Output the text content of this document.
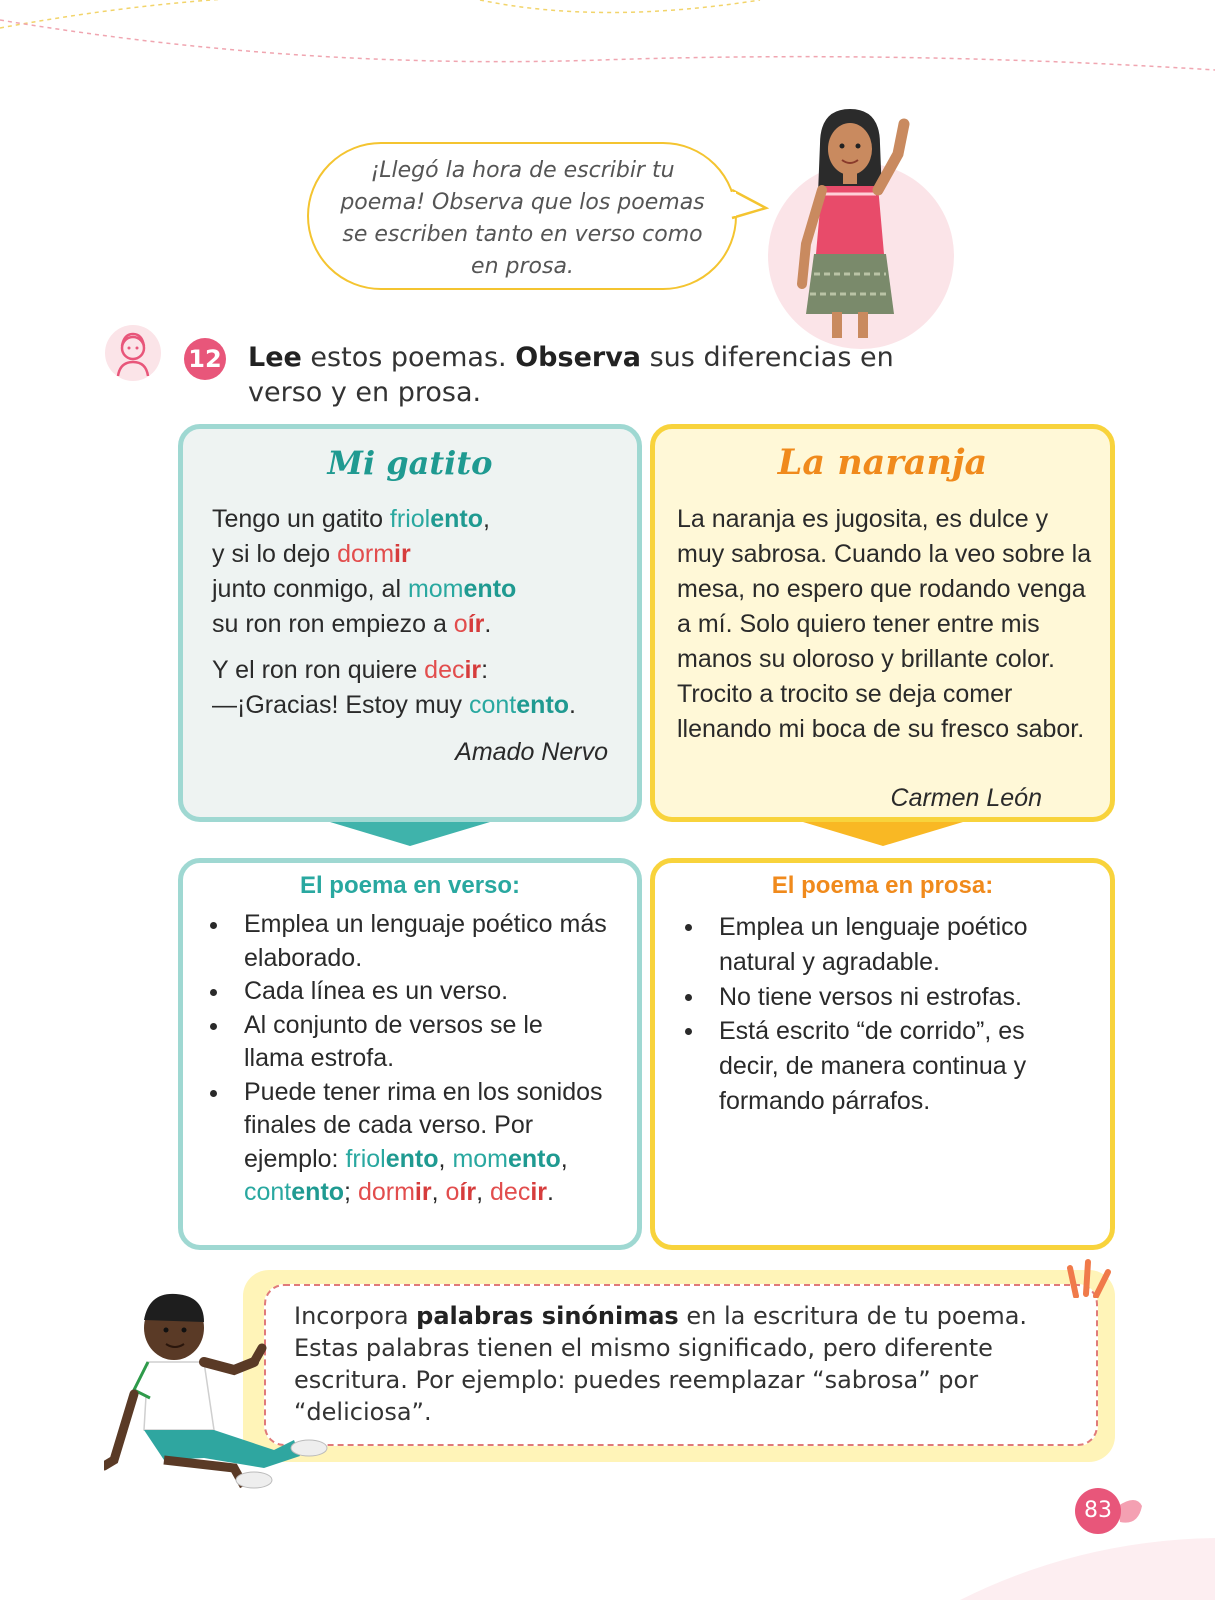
¡Llegó la hora de escribir tu poema! Observa que los poemas se escriben tanto en verso como en prosa.
12 Lee estos poemas. Observa sus diferencias en verso y en prosa.
Mi gatito

Tengo un gatito friolento,

y si lo dejo dormir

junto conmigo, al momento

su ron ron empiezo a oír.

Y el ron ron quiere decir:

—¡Gracias! Estoy muy contento.

Amado Nervo
La naranja
La naranja es jugosita, es dulce y muy sabrosa. Cuando la veo sobre la mesa, no espero que rodando venga a mí. Solo quiero tener entre mis manos su oloroso y brillante color. Trocito a trocito se deja comer llenando mi boca de su fresco sabor.
Carmen León
El poema en verso:
Emplea un lenguaje poético más elaborado.
Cada línea es un verso.
Al conjunto de versos se le llama estrofa.
Puede tener rima en los sonidos finales de cada verso. Por ejemplo: friolento, momento, contento; dormir, oír, decir.
El poema en prosa:
Emplea un lenguaje poético natural y agradable.
No tiene versos ni estrofas.
Está escrito “de corrido”, es decir, de manera continua y formando párrafos.
Incorpora palabras sinónimas en la escritura de tu poema. Estas palabras tienen el mismo significado, pero diferente escritura. Por ejemplo: puedes reemplazar “sabrosa” por “deliciosa”.
83
